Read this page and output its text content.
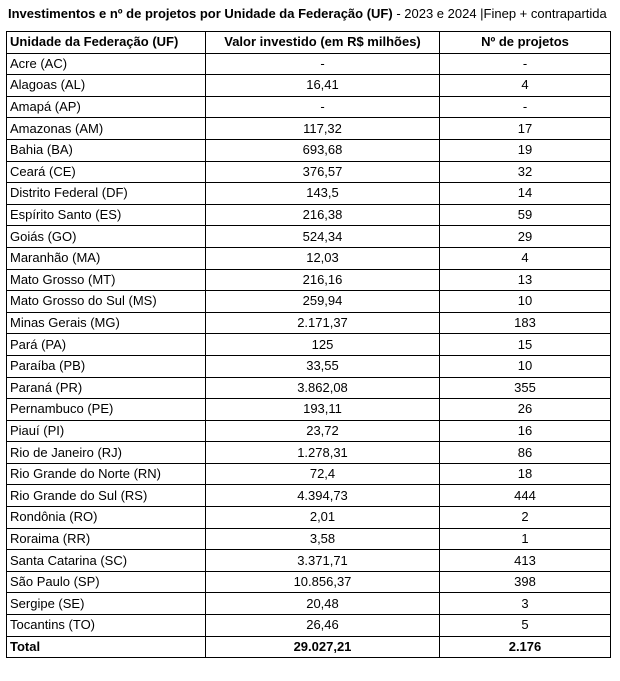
Investimentos e nº de projetos por Unidade da Federação (UF) - 2023 e 2024 |Finep + contrapartida
Unidade da Federação (UF)	Valor investido (em R$ milhões)	Nº de projetos
Acre (AC)	-	-
Alagoas (AL)	16,41	4
Amapá (AP)	-	-
Amazonas (AM)	117,32	17
Bahia (BA)	693,68	19
Ceará (CE)	376,57	32
Distrito Federal (DF)	143,5	14
Espírito Santo (ES)	216,38	59
Goiás (GO)	524,34	29
Maranhão (MA)	12,03	4
Mato Grosso (MT)	216,16	13
Mato Grosso do Sul (MS)	259,94	10
Minas Gerais (MG)	2.171,37	183
Pará (PA)	125	15
Paraíba (PB)	33,55	10
Paraná (PR)	3.862,08	355
Pernambuco (PE)	193,11	26
Piauí (PI)	23,72	16
Rio de Janeiro (RJ)	1.278,31	86
Rio Grande do Norte (RN)	72,4	18
Rio Grande do Sul (RS)	4.394,73	444
Rondônia (RO)	2,01	2
Roraima (RR)	3,58	1
Santa Catarina (SC)	3.371,71	413
São Paulo (SP)	10.856,37	398
Sergipe (SE)	20,48	3
Tocantins (TO)	26,46	5
Total	29.027,21	2.176
